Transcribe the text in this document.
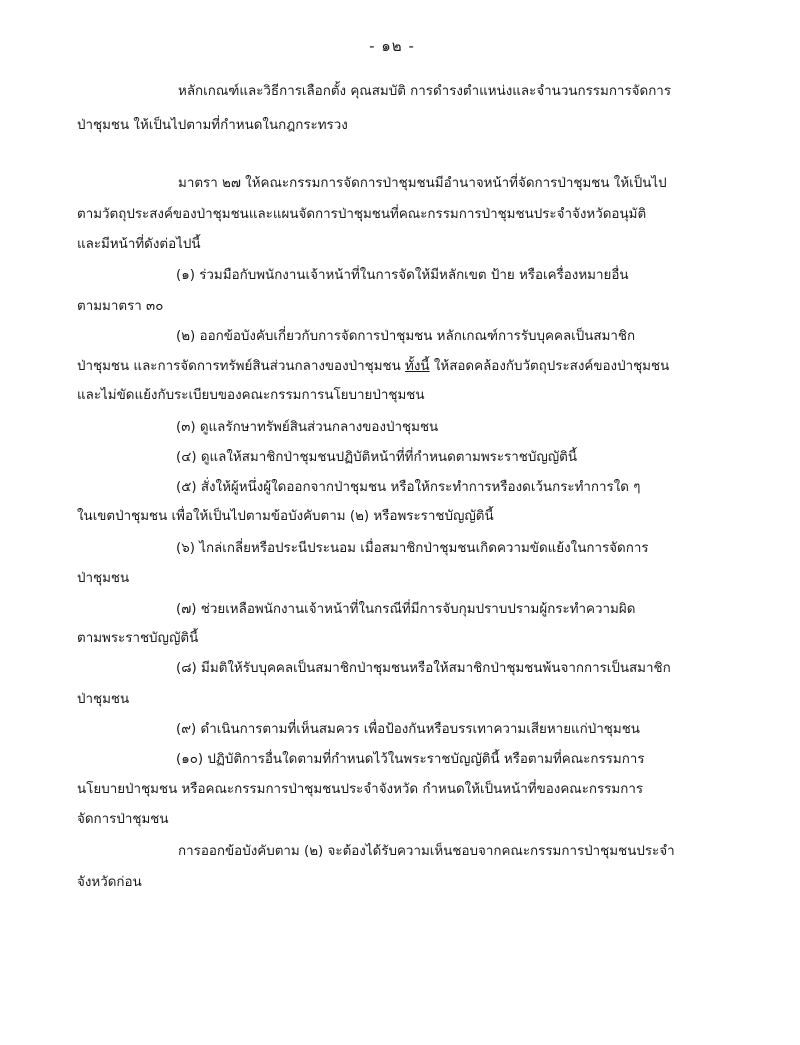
- ๑๒ -
หลักเกณฑ์และวิธีการเลือกตั้ง คุณสมบัติ การดำรงตำแหน่งและจำนวนกรรมการจัดการ
ป่าชุมชน ให้เป็นไปตามที่กำหนดในกฎกระทรวง
มาตรา ๒๗ ให้คณะกรรมการจัดการป่าชุมชนมีอำนาจหน้าที่จัดการป่าชุมชน ให้เป็นไป
ตามวัตถุประสงค์ของป่าชุมชนและแผนจัดการป่าชุมชนที่คณะกรรมการป่าชุมชนประจำจังหวัดอนุมัติ
และมีหน้าที่ดังต่อไปนี้
(๑) ร่วมมือกับพนักงานเจ้าหน้าที่ในการจัดให้มีหลักเขต ป้าย หรือเครื่องหมายอื่น
ตามมาตรา ๓๐
(๒) ออกข้อบังคับเกี่ยวกับการจัดการป่าชุมชน หลักเกณฑ์การรับบุคคลเป็นสมาชิก
ป่าชุมชน และการจัดการทรัพย์สินส่วนกลางของป่าชุมชน ทั้งนี้ ให้สอดคล้องกับวัตถุประสงค์ของป่าชุมชน
และไม่ขัดแย้งกับระเบียบของคณะกรรมการนโยบายป่าชุมชน
(๓) ดูแลรักษาทรัพย์สินส่วนกลางของป่าชุมชน
(๔) ดูแลให้สมาชิกป่าชุมชนปฏิบัติหน้าที่ที่กำหนดตามพระราชบัญญัตินี้
(๕) สั่งให้ผู้หนึ่งผู้ใดออกจากป่าชุมชน หรือให้กระทำการหรืองดเว้นกระทำการใด ๆ
ในเขตป่าชุมชน เพื่อให้เป็นไปตามข้อบังคับตาม (๒) หรือพระราชบัญญัตินี้
(๖) ไกล่เกลี่ยหรือประนีประนอม เมื่อสมาชิกป่าชุมชนเกิดความขัดแย้งในการจัดการ
ป่าชุมชน
(๗) ช่วยเหลือพนักงานเจ้าหน้าที่ในกรณีที่มีการจับกุมปราบปรามผู้กระทำความผิด
ตามพระราชบัญญัตินี้
(๘) มีมติให้รับบุคคลเป็นสมาชิกป่าชุมชนหรือให้สมาชิกป่าชุมชนพ้นจากการเป็นสมาชิก
ป่าชุมชน
(๙) ดำเนินการตามที่เห็นสมควร เพื่อป้องกันหรือบรรเทาความเสียหายแก่ป่าชุมชน
(๑๐) ปฏิบัติการอื่นใดตามที่กำหนดไว้ในพระราชบัญญัตินี้ หรือตามที่คณะกรรมการ
นโยบายป่าชุมชน หรือคณะกรรมการป่าชุมชนประจำจังหวัด กำหนดให้เป็นหน้าที่ของคณะกรรมการ
จัดการป่าชุมชน
การออกข้อบังคับตาม (๒) จะต้องได้รับความเห็นชอบจากคณะกรรมการป่าชุมชนประจำ
จังหวัดก่อน
